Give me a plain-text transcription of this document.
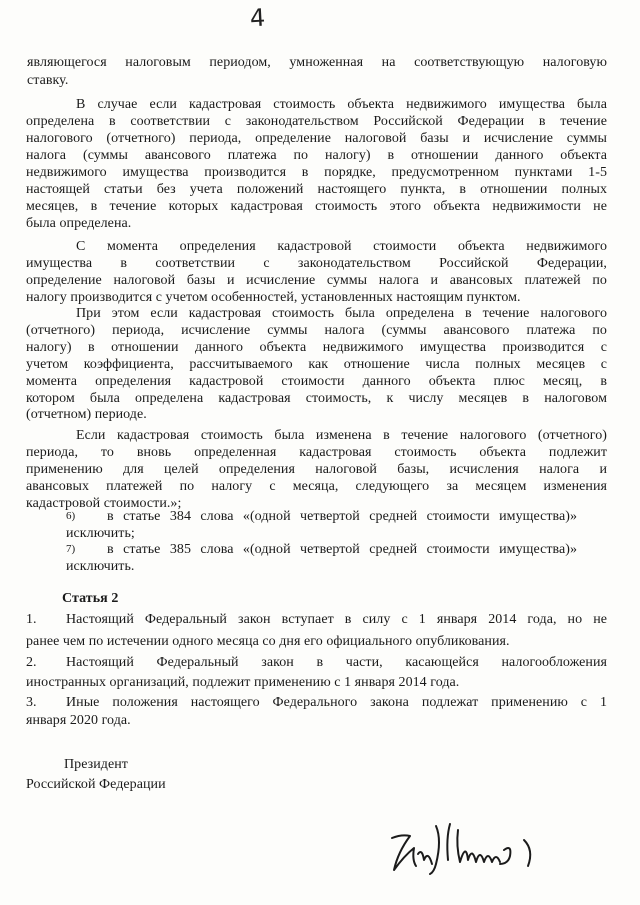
4
являющегося налоговым периодом, умноженная на соответствующую налоговую
ставку.
В случае если кадастровая стоимость объекта недвижимого имущества была
определена в соответствии с законодательством Российской Федерации в течение
налогового (отчетного) периода, определение налоговой базы и исчисление суммы
налога (суммы авансового платежа по налогу) в отношении данного объекта
недвижимого имущества производится в порядке, предусмотренном пунктами 1-5
настоящей статьи без учета положений настоящего пункта, в отношении полных
месяцев, в течение которых кадастровая стоимость этого объекта недвижимости не
была определена.
С момента определения кадастровой стоимости объекта недвижимого
имущества в соответствии с законодательством Российской Федерации,
определение налоговой базы и исчисление суммы налога и авансовых платежей по
налогу производится с учетом особенностей, установленных настоящим пунктом.
При этом если кадастровая стоимость была определена в течение налогового
(отчетного) периода, исчисление суммы налога (суммы авансового платежа по
налогу) в отношении данного объекта недвижимого имущества производится с
учетом коэффициента, рассчитываемого как отношение числа полных месяцев с
момента определения кадастровой стоимости данного объекта плюс месяц, в
котором была определена кадастровая стоимость, к числу месяцев в налоговом
(отчетном) периоде.
Если кадастровая стоимость была изменена в течение налогового (отчетного)
периода, то вновь определенная кадастровая стоимость объекта подлежит
применению для целей определения налоговой базы, исчисления налога и
авансовых платежей по налогу с месяца, следующего за месяцем изменения
кадастровой стоимости.»;
6) в статье 384 слова «(одной четвертой средней стоимости имущества)»
исключить;
7) в статье 385 слова «(одной четвертой средней стоимости имущества)»
исключить.
Статья 2
1. Настоящий Федеральный закон вступает в силу с 1 января 2014 года, но не
ранее чем по истечении одного месяца со дня его официального опубликования.
2. Настоящий Федеральный закон в части, касающейся налогообложения
иностранных организаций, подлежит применению с 1 января 2014 года.
3. Иные положения настоящего Федерального закона подлежат применению с 1
января 2020 года.
Президент
Российской Федерации
